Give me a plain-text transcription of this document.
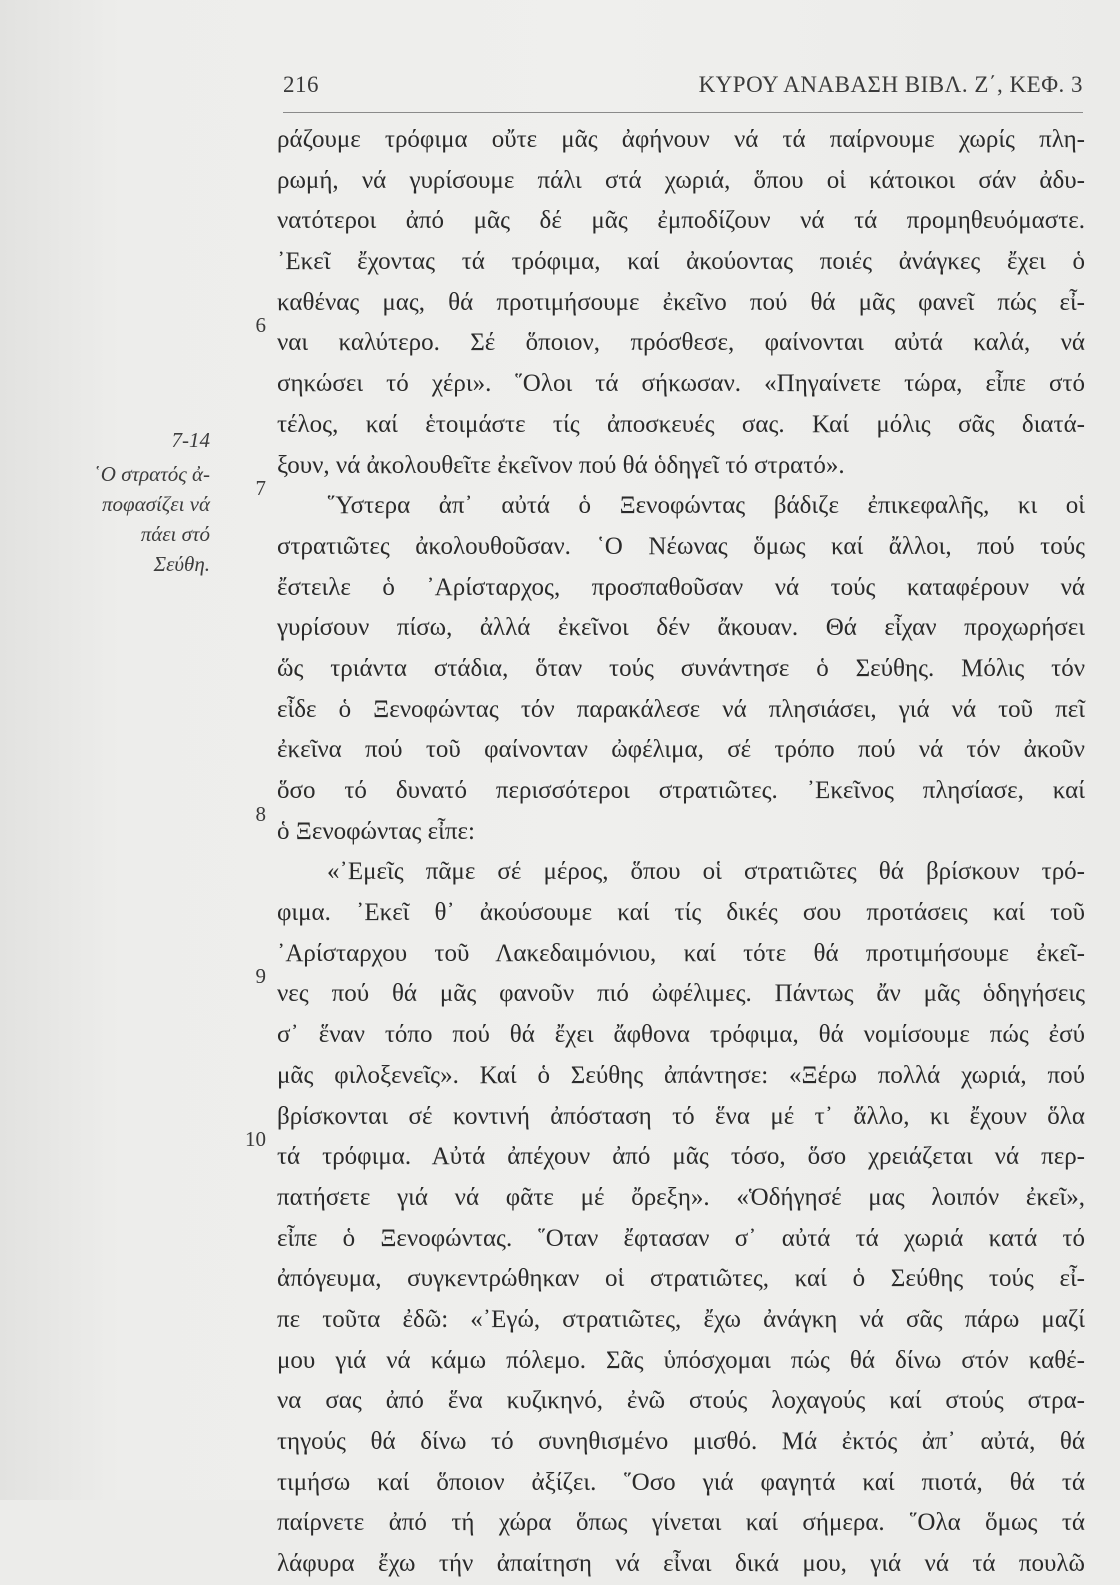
216	ΚΥΡΟΥ ΑΝΑΒΑΣΗ ΒΙΒΛ. Ζ΄, ΚΕΦ. 3
7-14
῾Ο στρατός ἀ-
ποφασίζει νά
πάει στό
Σεύθη.
6
7
8
9
10
ράζουμε τρόφιμα οὔτε μᾶς ἀφήνουν νά τά παίρνουμε χωρίς πλη-
ρωμή, νά γυρίσουμε πάλι στά χωριά, ὅπου οἱ κάτοικοι σάν ἀδυ-
νατότεροι ἀπό μᾶς δέ μᾶς ἐμποδίζουν νά τά προμηθευόμαστε.
᾿Εκεῖ ἔχοντας τά τρόφιμα, καί ἀκούοντας ποιές ἀνάγκες ἔχει ὁ
καθένας μας, θά προτιμήσουμε ἐκεῖνο πού θά μᾶς φανεῖ πώς εἶ-
ναι καλύτερο. Σέ ὅποιον, πρόσθεσε, φαίνονται αὐτά καλά, νά
σηκώσει τό χέρι». ῞Ολοι τά σήκωσαν. «Πηγαίνετε τώρα, εἶπε στό
τέλος, καί ἑτοιμάστε τίς ἀποσκευές σας. Καί μόλις σᾶς διατά-
ξουν, νά ἀκολουθεῖτε ἐκεῖνον πού θά ὁδηγεῖ τό στρατό».
῞Υστερα ἀπ᾿ αὐτά ὁ Ξενοφώντας βάδιζε ἐπικεφαλῆς, κι οἱ
στρατιῶτες ἀκολουθοῦσαν. ῾Ο Νέωνας ὅμως καί ἄλλοι, πού τούς
ἔστειλε ὁ ᾿Αρίσταρχος, προσπαθοῦσαν νά τούς καταφέρουν νά
γυρίσουν πίσω, ἀλλά ἐκεῖνοι δέν ἄκουαν. Θά εἶχαν προχωρήσει
ὥς τριάντα στάδια, ὅταν τούς συνάντησε ὁ Σεύθης. Μόλις τόν
εἶδε ὁ Ξενοφώντας τόν παρακάλεσε νά πλησιάσει, γιά νά τοῦ πεῖ
ἐκεῖνα πού τοῦ φαίνονταν ὠφέλιμα, σέ τρόπο πού νά τόν ἀκοῦν
ὅσο τό δυνατό περισσότεροι στρατιῶτες. ᾿Εκεῖνος πλησίασε, καί
ὁ Ξενοφώντας εἶπε:
«᾿Εμεῖς πᾶμε σέ μέρος, ὅπου οἱ στρατιῶτες θά βρίσκουν τρό-
φιμα. ᾿Εκεῖ θ᾿ ἀκούσουμε καί τίς δικές σου προτάσεις καί τοῦ
᾿Αρίσταρχου τοῦ Λακεδαιμόνιου, καί τότε θά προτιμήσουμε ἐκεῖ-
νες πού θά μᾶς φανοῦν πιό ὠφέλιμες. Πάντως ἄν μᾶς ὁδηγήσεις
σ᾿ ἕναν τόπο πού θά ἔχει ἄφθονα τρόφιμα, θά νομίσουμε πώς ἐσύ
μᾶς φιλοξενεῖς». Καί ὁ Σεύθης ἀπάντησε: «Ξέρω πολλά χωριά, πού
βρίσκονται σέ κοντινή ἀπόσταση τό ἕνα μέ τ᾿ ἄλλο, κι ἔχουν ὅλα
τά τρόφιμα. Αὐτά ἀπέχουν ἀπό μᾶς τόσο, ὅσο χρειάζεται νά περ-
πατήσετε γιά νά φᾶτε μέ ὄρεξη». «Ὁδήγησέ μας λοιπόν ἐκεῖ»,
εἶπε ὁ Ξενοφώντας. ῞Οταν ἔφτασαν σ᾿ αὐτά τά χωριά κατά τό
ἀπόγευμα, συγκεντρώθηκαν οἱ στρατιῶτες, καί ὁ Σεύθης τούς εἶ-
πε τοῦτα ἐδῶ: «᾿Εγώ, στρατιῶτες, ἔχω ἀνάγκη νά σᾶς πάρω μαζί
μου γιά νά κάμω πόλεμο. Σᾶς ὑπόσχομαι πώς θά δίνω στόν καθέ-
να σας ἀπό ἕνα κυζικηνό, ἐνῶ στούς λοχαγούς καί στούς στρα-
τηγούς θά δίνω τό συνηθισμένο μισθό. Μά ἐκτός ἀπ᾿ αὐτά, θά
τιμήσω καί ὅποιον ἀξίζει. ῞Οσο γιά φαγητά καί πιοτά, θά τά
παίρνετε ἀπό τή χώρα ὅπως γίνεται καί σήμερα. ῞Ολα ὅμως τά
λάφυρα ἔχω τήν ἀπαίτηση νά εἶναι δικά μου, γιά νά τά πουλῶ
